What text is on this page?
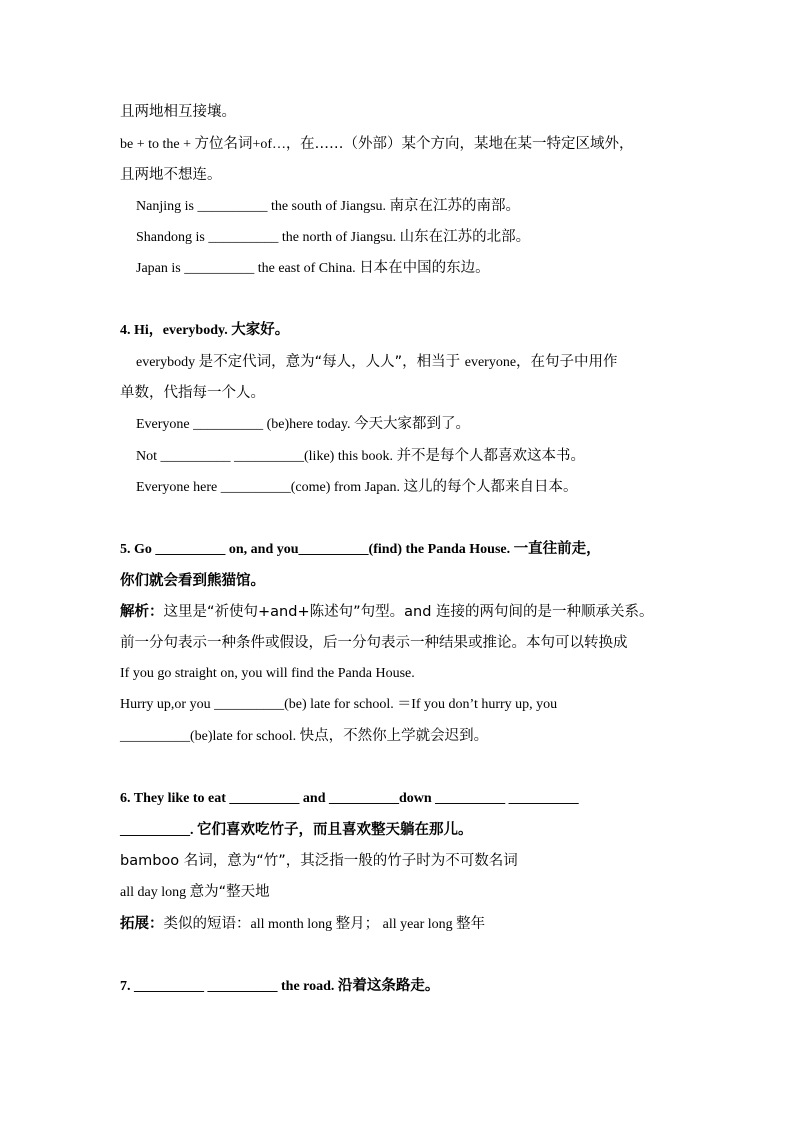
且两地相互接壤。
be + to the + 方位名词+of…，在……（外部）某个方向，某地在某一特定区域外，
且两地不想连。
Nanjing is __________ the south of Jiangsu. 南京在江苏的南部。
Shandong is __________ the north of Jiangsu. 山东在江苏的北部。
Japan is __________ the east of China. 日本在中国的东边。
4. Hi，everybody. 大家好。
everybody 是不定代词，意为“每人，人人”，相当于 everyone，在句子中用作
单数，代指每一个人。
Everyone __________ (be)here today. 今天大家都到了。
Not __________ __________(like) this book. 并不是每个人都喜欢这本书。
Everyone here __________(come) from Japan. 这儿的每个人都来自日本。
5. Go __________ on, and you__________(find) the Panda House. 一直往前走，
你们就会看到熊猫馆。
解析：这里是“祈使句+and+陈述句”句型。and 连接的两句间的是一种顺承关系。
前一分句表示一种条件或假设，后一分句表示一种结果或推论。本句可以转换成
If you go straight on, you will find the Panda House.
Hurry up,or you __________(be) late for school. ＝If you don’t hurry up, you
__________(be)late for school. 快点，不然你上学就会迟到。
6. They like to eat __________ and __________down __________ __________
__________. 它们喜欢吃竹子，而且喜欢整天躺在那儿。
bamboo 名词，意为“竹”，其泛指一般的竹子时为不可数名词
all day long 意为“整天地
拓展：类似的短语：all month long 整月； all year long 整年
7. __________ __________ the road. 沿着这条路走。
